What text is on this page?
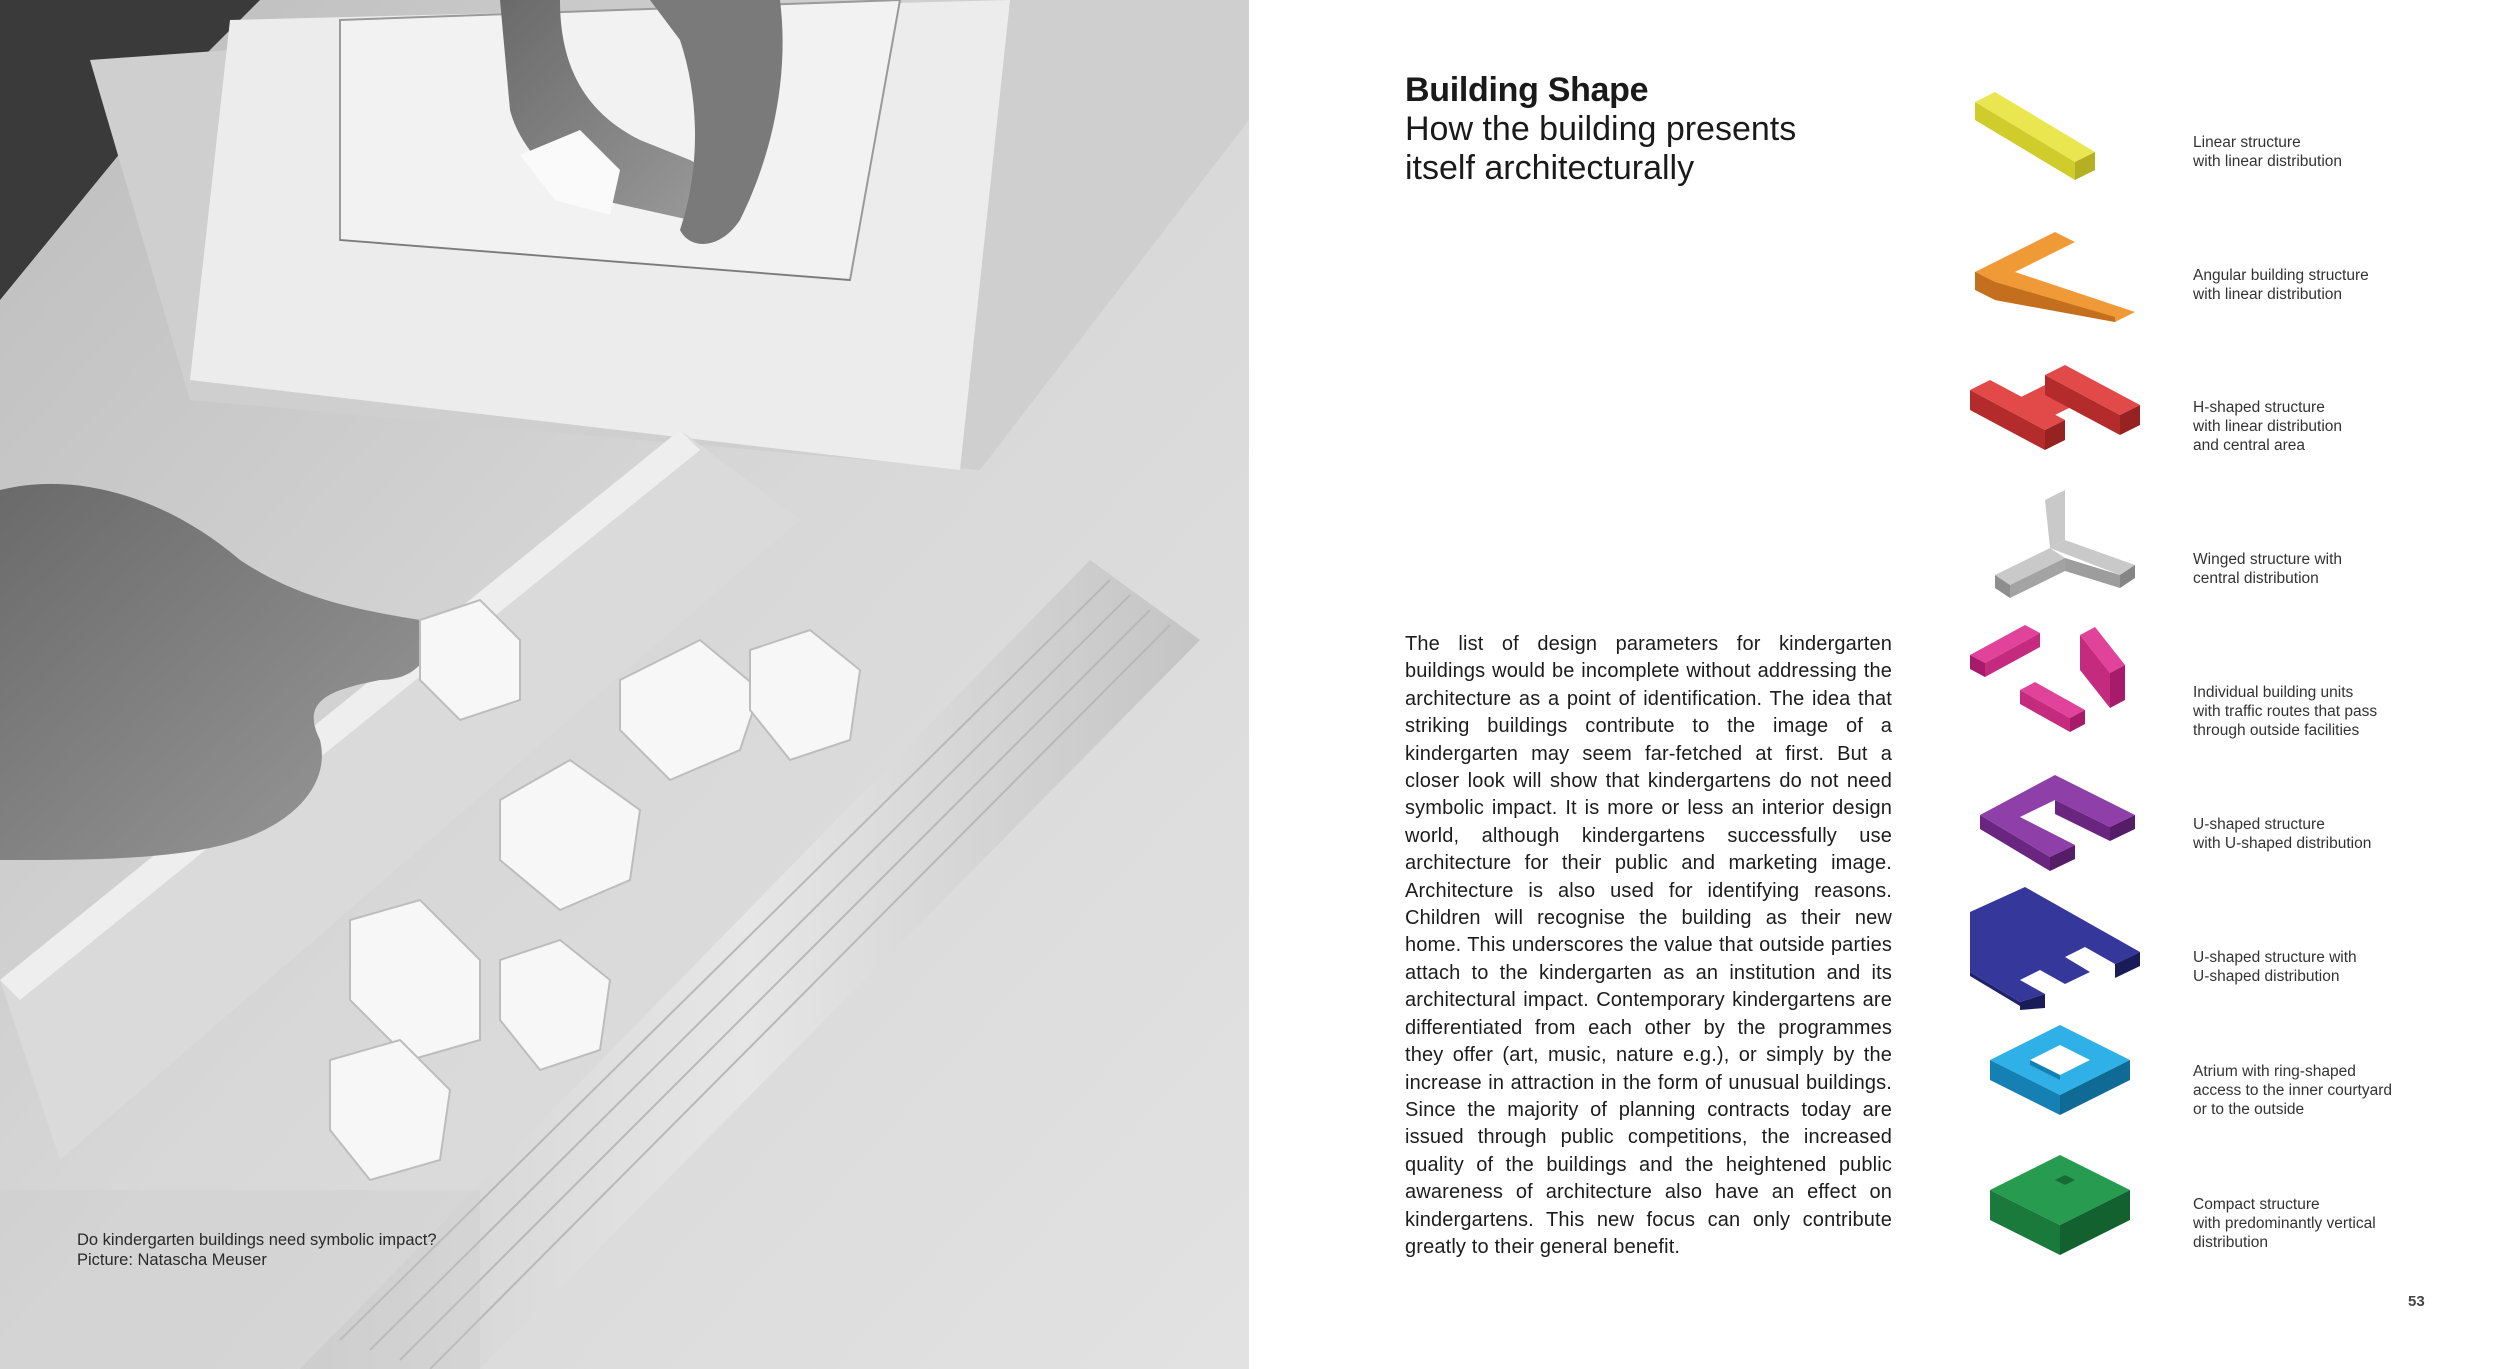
Do kindergarten buildings need symbolic impact?
Picture: Natascha Meuser
Building Shape
How the building presents
itself architecturally
The list of design parameters for kindergarten buildings would be incomplete without addressing the architecture as a point of identification. The idea that striking buildings contribute to the image of a kindergarten may seem far-fetched at first. But a closer look will show that kindergartens do not need symbolic impact. It is more or less an interior design world, although kindergartens successfully use architecture for their public and marketing image. Architecture is also used for identifying reasons. Children will recognise the building as their new home. This underscores the value that outside parties attach to the kindergarten as an institution and its architectural impact. Contemporary kindergartens are differentiated from each other by the programmes they offer (art, music, nature e.g.), or simply by the increase in attraction in the form of unusual buildings. Since the majority of planning contracts today are issued through public competitions, the increased quality of the buildings and the heightened public awareness of architecture also have an effect on kindergartens. This new focus can only contribute greatly to their general benefit.
Linear structure
with linear distribution
Angular building structure
with linear distribution
H-shaped structure
with linear distribution
and central area
Winged structure with
central distribution
Individual building units
with traffic routes that pass
through outside facilities
U-shaped structure
with U-shaped distribution
U-shaped structure with
U-shaped distribution
Atrium with ring-shaped
access to the inner courtyard
or to the outside
Compact structure
with predominantly vertical
distribution
53
